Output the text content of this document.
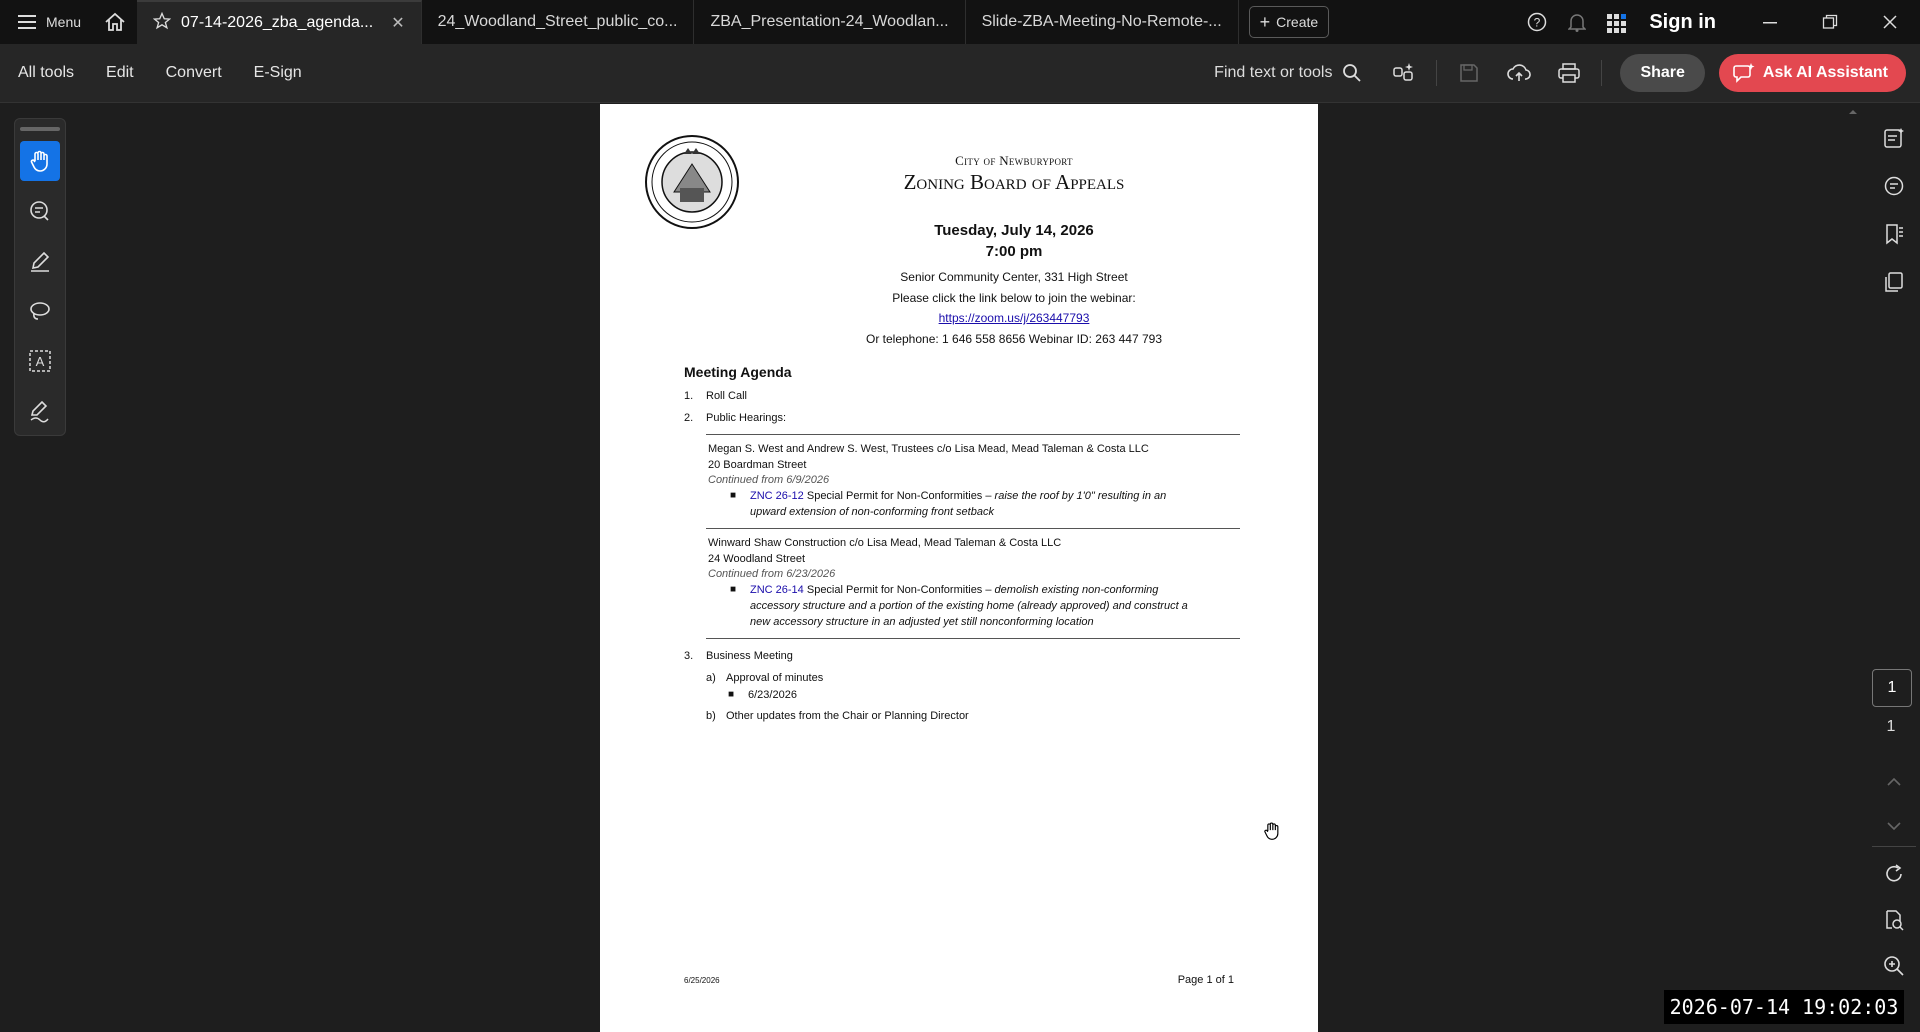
Menu	07-14-2026_zba_agenda... ✕ 24_Woodland_Street_public_co... ZBA_Presentation-24_Woodlan... Slide-ZBA-Meeting-No-Remote-... + Create	?	Sign in
All tools	Edit	Convert	E-Sign	Find text or tools	Share	Ask AI Assistant
A
City of Newburyport
Zoning Board of Appeals
Tuesday, July 14, 2026
7:00 pm
Senior Community Center, 331 High Street
Please click the link below to join the webinar:
https://zoom.us/j/263447793
Or telephone: 1 646 558 8656 Webinar ID: 263 447 793
Meeting Agenda
1. Roll Call
2. Public Hearings:
Megan S. West and Andrew S. West, Trustees c/o Lisa Mead, Mead Taleman & Costa LLC
20 Boardman Street
Continued from 6/9/2026
■ ZNC 26-12 Special Permit for Non-Conformities – raise the roof by 1'0" resulting in an
upward extension of non-conforming front setback
Winward Shaw Construction c/o Lisa Mead, Mead Taleman & Costa LLC
24 Woodland Street
Continued from 6/23/2026
■ ZNC 26-14 Special Permit for Non-Conformities – demolish existing non-conforming
accessory structure and a portion of the existing home (already approved) and construct a
new accessory structure in an adjusted yet still nonconforming location
3. Business Meeting
a) Approval of minutes
■ 6/23/2026
b) Other updates from the Chair or Planning Director
6/25/2026	Page 1 of 1
1
1
2026-07-14 19:02:03
